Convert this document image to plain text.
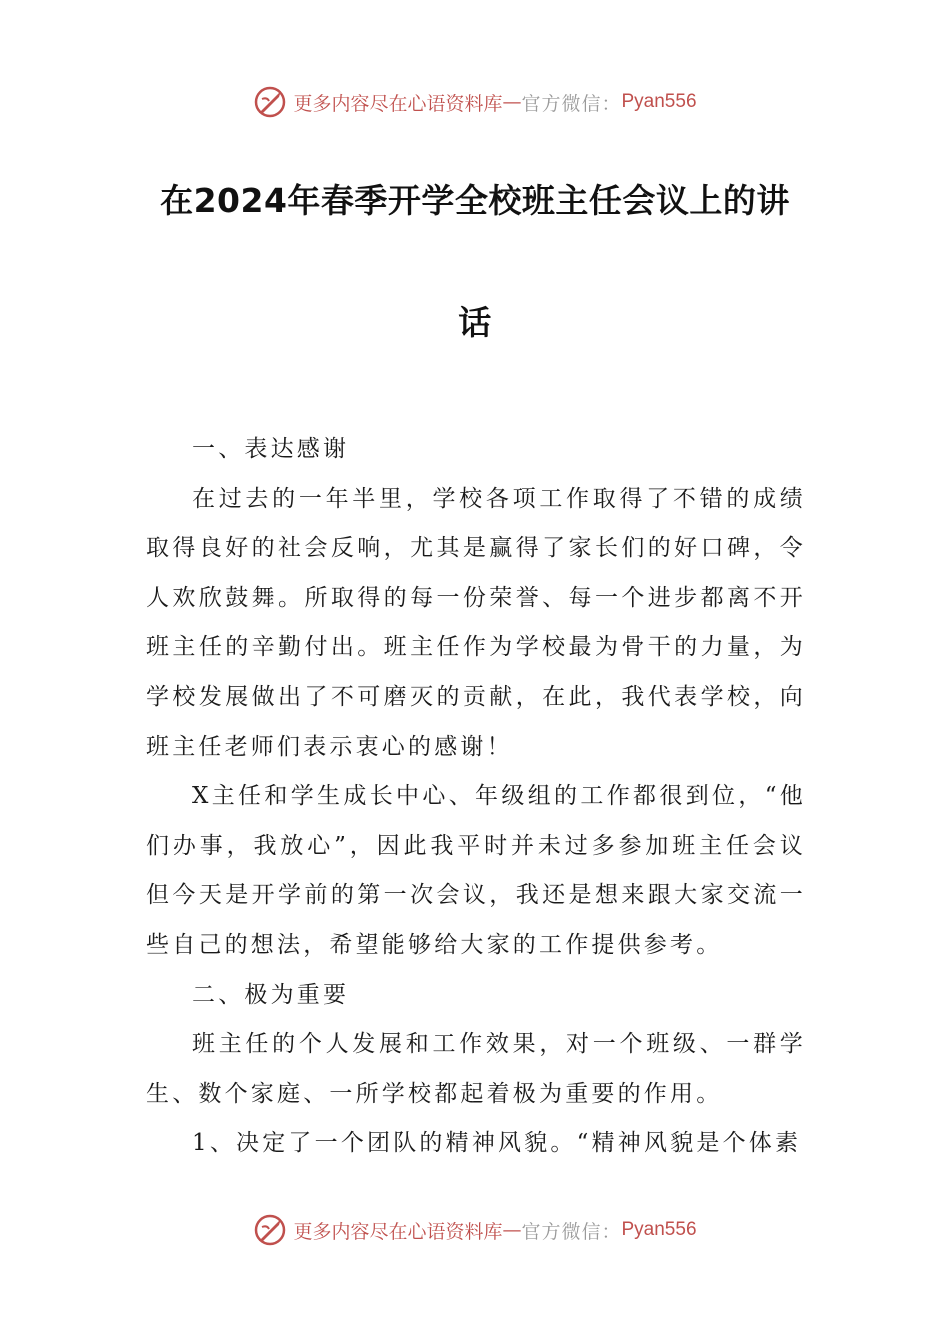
更多内容尽在心语资料库 — 官方微信： Pyan556
在2024年春季开学全校班主任会议上的讲
话

一、表达感谢

在过去的一年半里，学校各项工作取得了不错的成绩取得良好的社会反响，尤其是赢得了家长们的好口碑，令人欢欣鼓舞。所取得的每一份荣誉、每一个进步都离不开班主任的辛勤付出。班主任作为学校最为骨干的力量，为学校发展做出了不可磨灭的贡献，在此，我代表学校，向班主任老师们表示衷心的感谢！

X主任和学生成长中心、年级组的工作都很到位，“他们办事，我放心”，因此我平时并未过多参加班主任会议但今天是开学前的第一次会议，我还是想来跟大家交流一些自己的想法，希望能够给大家的工作提供参考。

二、极为重要

班主任的个人发展和工作效果，对一个班级、一群学生、数个家庭、一所学校都起着极为重要的作用。

1、决定了一个团队的精神风貌。“精神风貌是个体素

更多内容尽在心语资料库 — 官方微信： Pyan556
